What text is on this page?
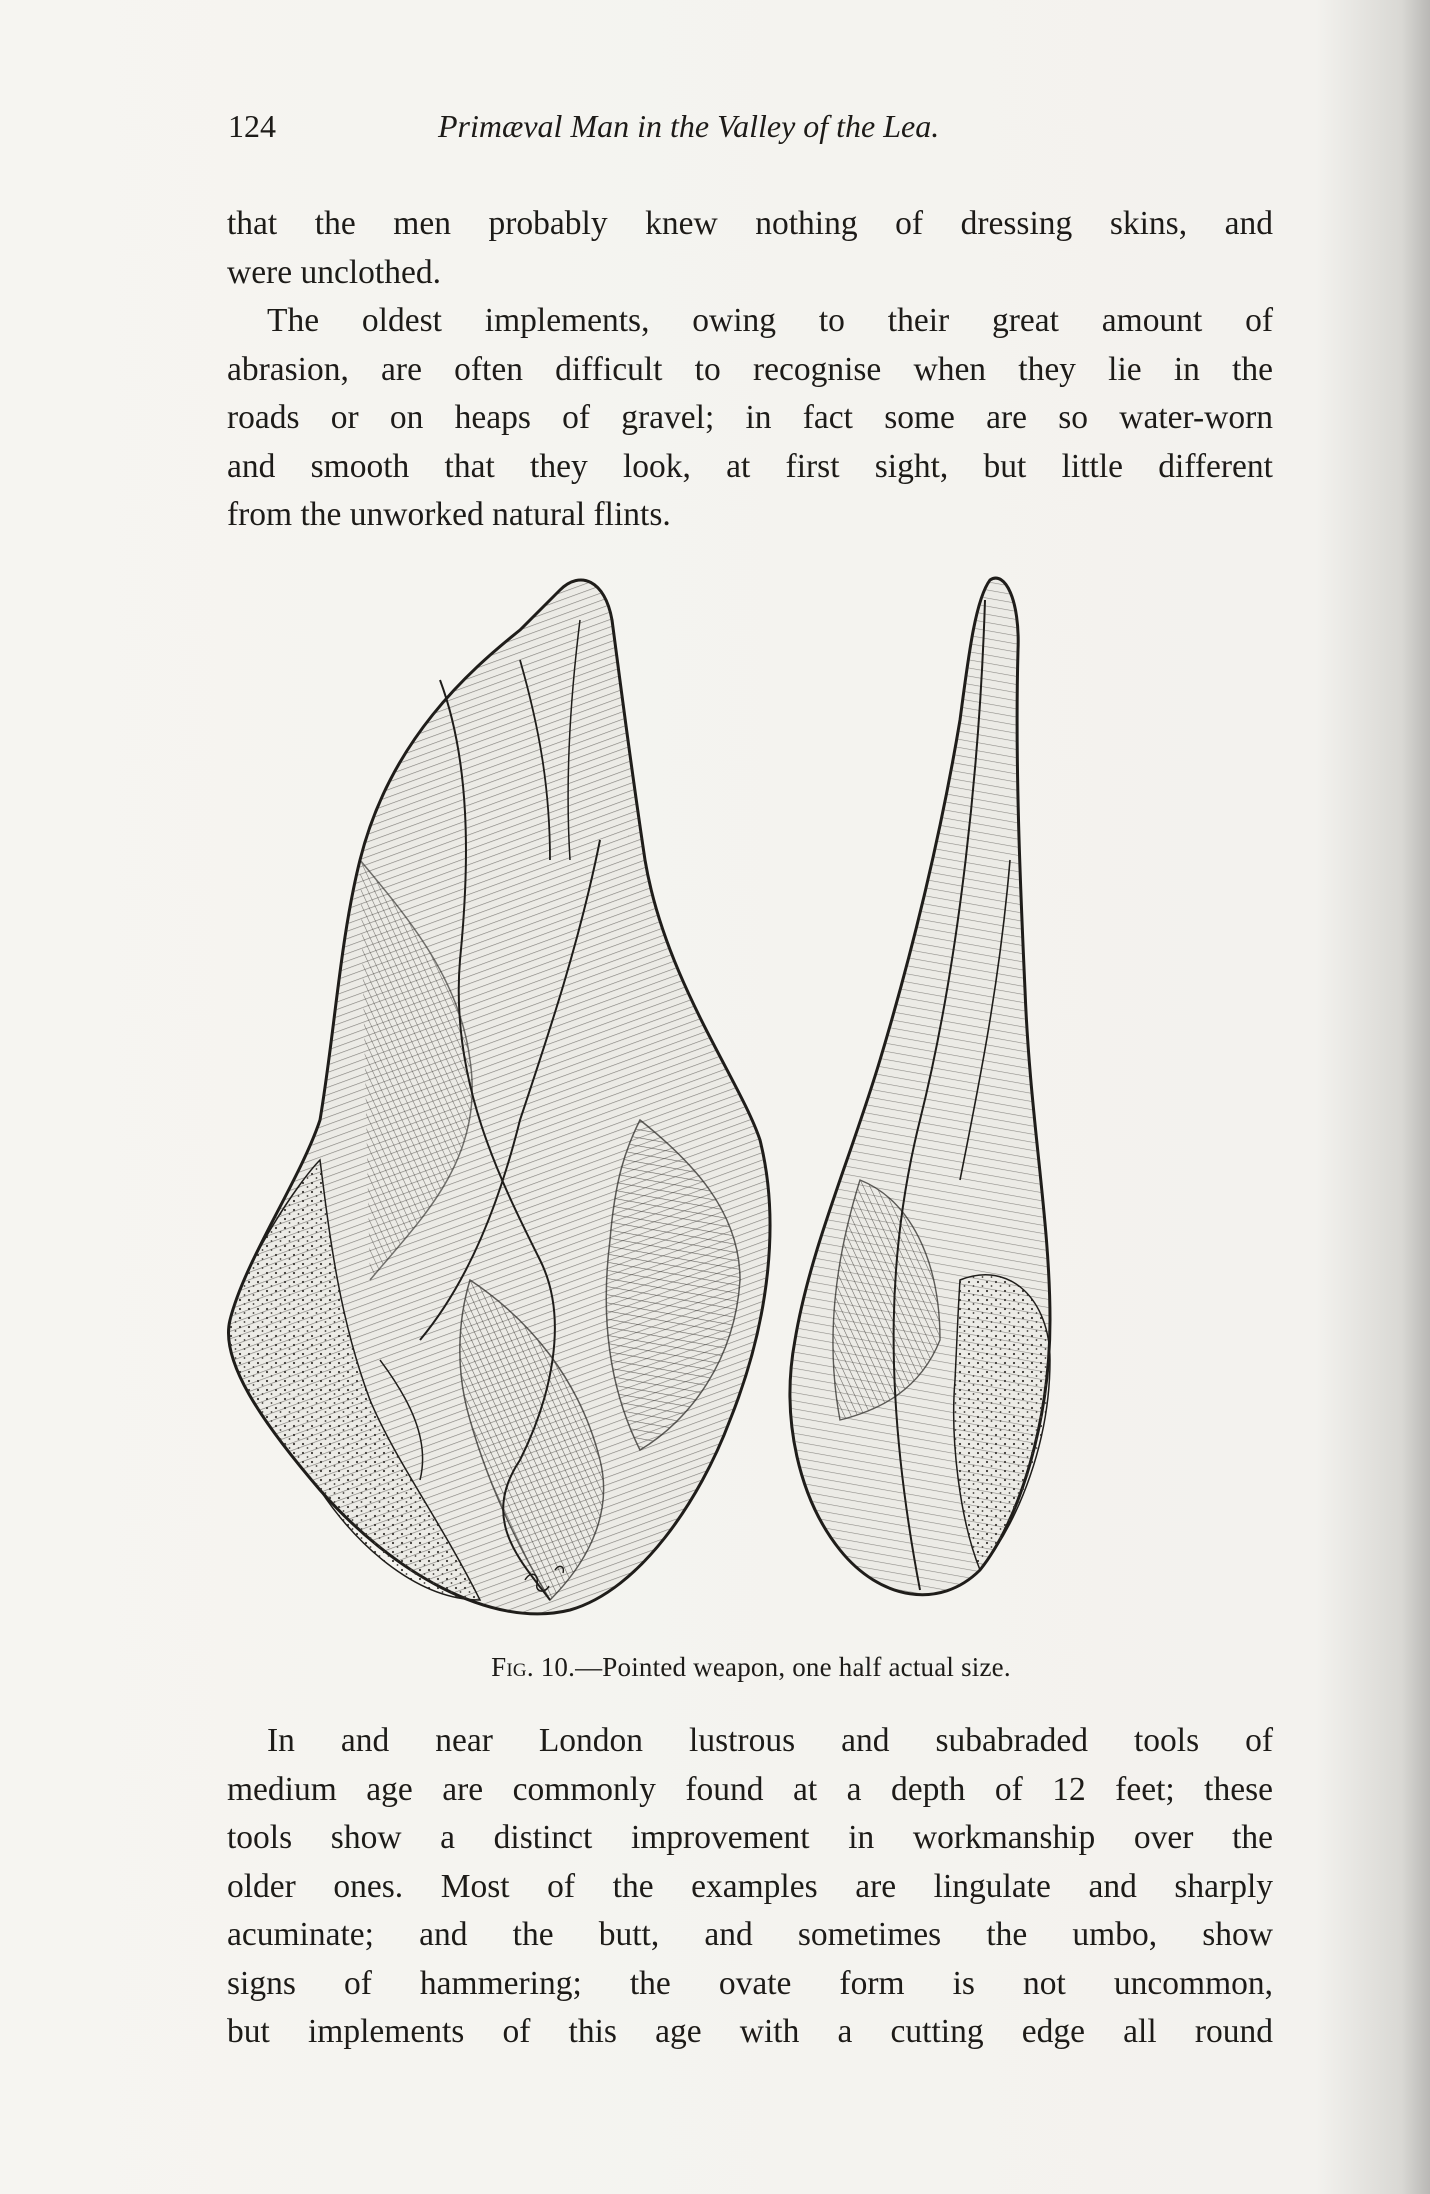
124	Primæval Man in the Valley of the Lea.
that the men probably knew nothing of dressing skins, and
were unclothed.
The oldest implements, owing to their great amount of
abrasion, are often difficult to recognise when they lie in the
roads or on heaps of gravel; in fact some are so water-worn
and smooth that they look, at first sight, but little different
from the unworked natural flints.
Fig. 10.—Pointed weapon, one half actual size.
In and near London lustrous and subabraded tools of
medium age are commonly found at a depth of 12 feet; these
tools show a distinct improvement in workmanship over the
older ones. Most of the examples are lingulate and sharply
acuminate; and the butt, and sometimes the umbo, show
signs of hammering; the ovate form is not uncommon,
but implements of this age with a cutting edge all round
